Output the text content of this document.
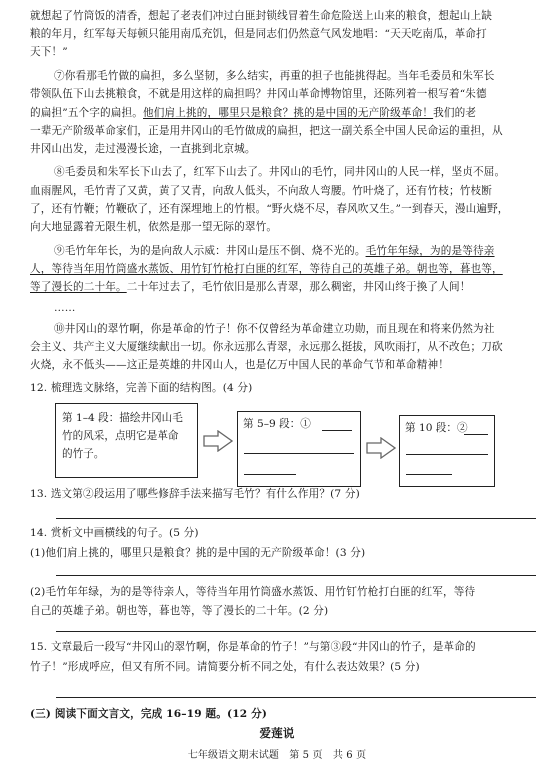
就想起了竹筒饭的清香，想起了老表们冲过白匪封锁线冒着生命危险送上山来的粮食，想起山上缺
粮的年月，红军每天每顿只能用南瓜充饥，但是同志们仍然意气风发地唱：“天天吃南瓜，革命打
天下！”
⑦你看那毛竹做的扁担，多么坚韧，多么结实，再重的担子也能挑得起。当年毛委员和朱军长
带领队伍下山去挑粮食，不就是用这样的扁担吗？井冈山革命博物馆里，还陈列着一根写着“朱德
的扁担”五个字的扁担。他们肩上挑的，哪里只是粮食？挑的是中国的无产阶级革命！我们的老
一辈无产阶级革命家们，正是用井冈山的毛竹做成的扁担，把这一副关系全中国人民命运的重担，从
井冈山出发，走过漫漫长途，一直挑到北京城。
⑧毛委员和朱军长下山去了，红军下山去了。井冈山的毛竹，同井冈山的人民一样，坚贞不屈。
血雨腥风，毛竹青了又黄，黄了又青，向敌人低头，不向敌人弯腰。竹叶烧了，还有竹枝；竹枝断
了，还有竹鞭；竹鞭砍了，还有深埋地上的竹根。“野火烧不尽，春风吹又生。”一到春天，漫山遍野，
向大地显露着无限生机，依然是那一望无际的翠竹。
⑨毛竹年年长，为的是向敌人示威：井冈山是压不倒、烧不光的。毛竹年年绿，为的是等待亲
人，等待当年用竹筒盛水蒸饭、用竹钉竹枪打白匪的红军，等待自己的英雄子弟。朝也等，暮也等，
等了漫长的二十年。二十年过去了，毛竹依旧是那么青翠，那么稠密，井冈山终于換了人间！
……
⑩井冈山的翠竹啊，你是革命的竹子！你不仅曾经为革命建立功勋，而且现在和将来仍然为社
会主义、共产主义大厦继续献出一切。你永远那么青翠，永远那么挺拔，风吹雨打，从不改色；刀砍
火烧，永不低头——这正是英雄的井冈山人，也是亿万中国人民的革命气节和革命精神！
12. 梳理选文脉络，完善下面的结构图。(4 分)
第 1–4 段：描绘井冈山毛
竹的风采，点明它是革命
的竹子。
第 5–9 段：①	第 10 段：②
13. 选文第②段运用了哪些修辞手法来描写毛竹？有什么作用？(7 分)
14. 赏析文中画横线的句子。(5 分)
(1)他们肩上挑的，哪里只是粮食？挑的是中国的无产阶级革命！(3 分)
(2)毛竹年年绿，为的是等待亲人，等待当年用竹筒盛水蒸饭、用竹钉竹枪打白匪的红军，等待
自己的英雄子弟。朝也等，暮也等，等了漫长的二十年。(2 分)
15. 文章最后一段写“井冈山的翠竹啊，你是革命的竹子！”与第③段“井冈山的竹子，是革命的
竹子！”形成呼应，但又有所不同。请简要分析不同之处，有什么表达效果？(5 分)
(三) 阅读下面文言文，完成 16–19 题。(12 分)
爱莲说
七年级语文期末试题　第 5 页　共 6 页
